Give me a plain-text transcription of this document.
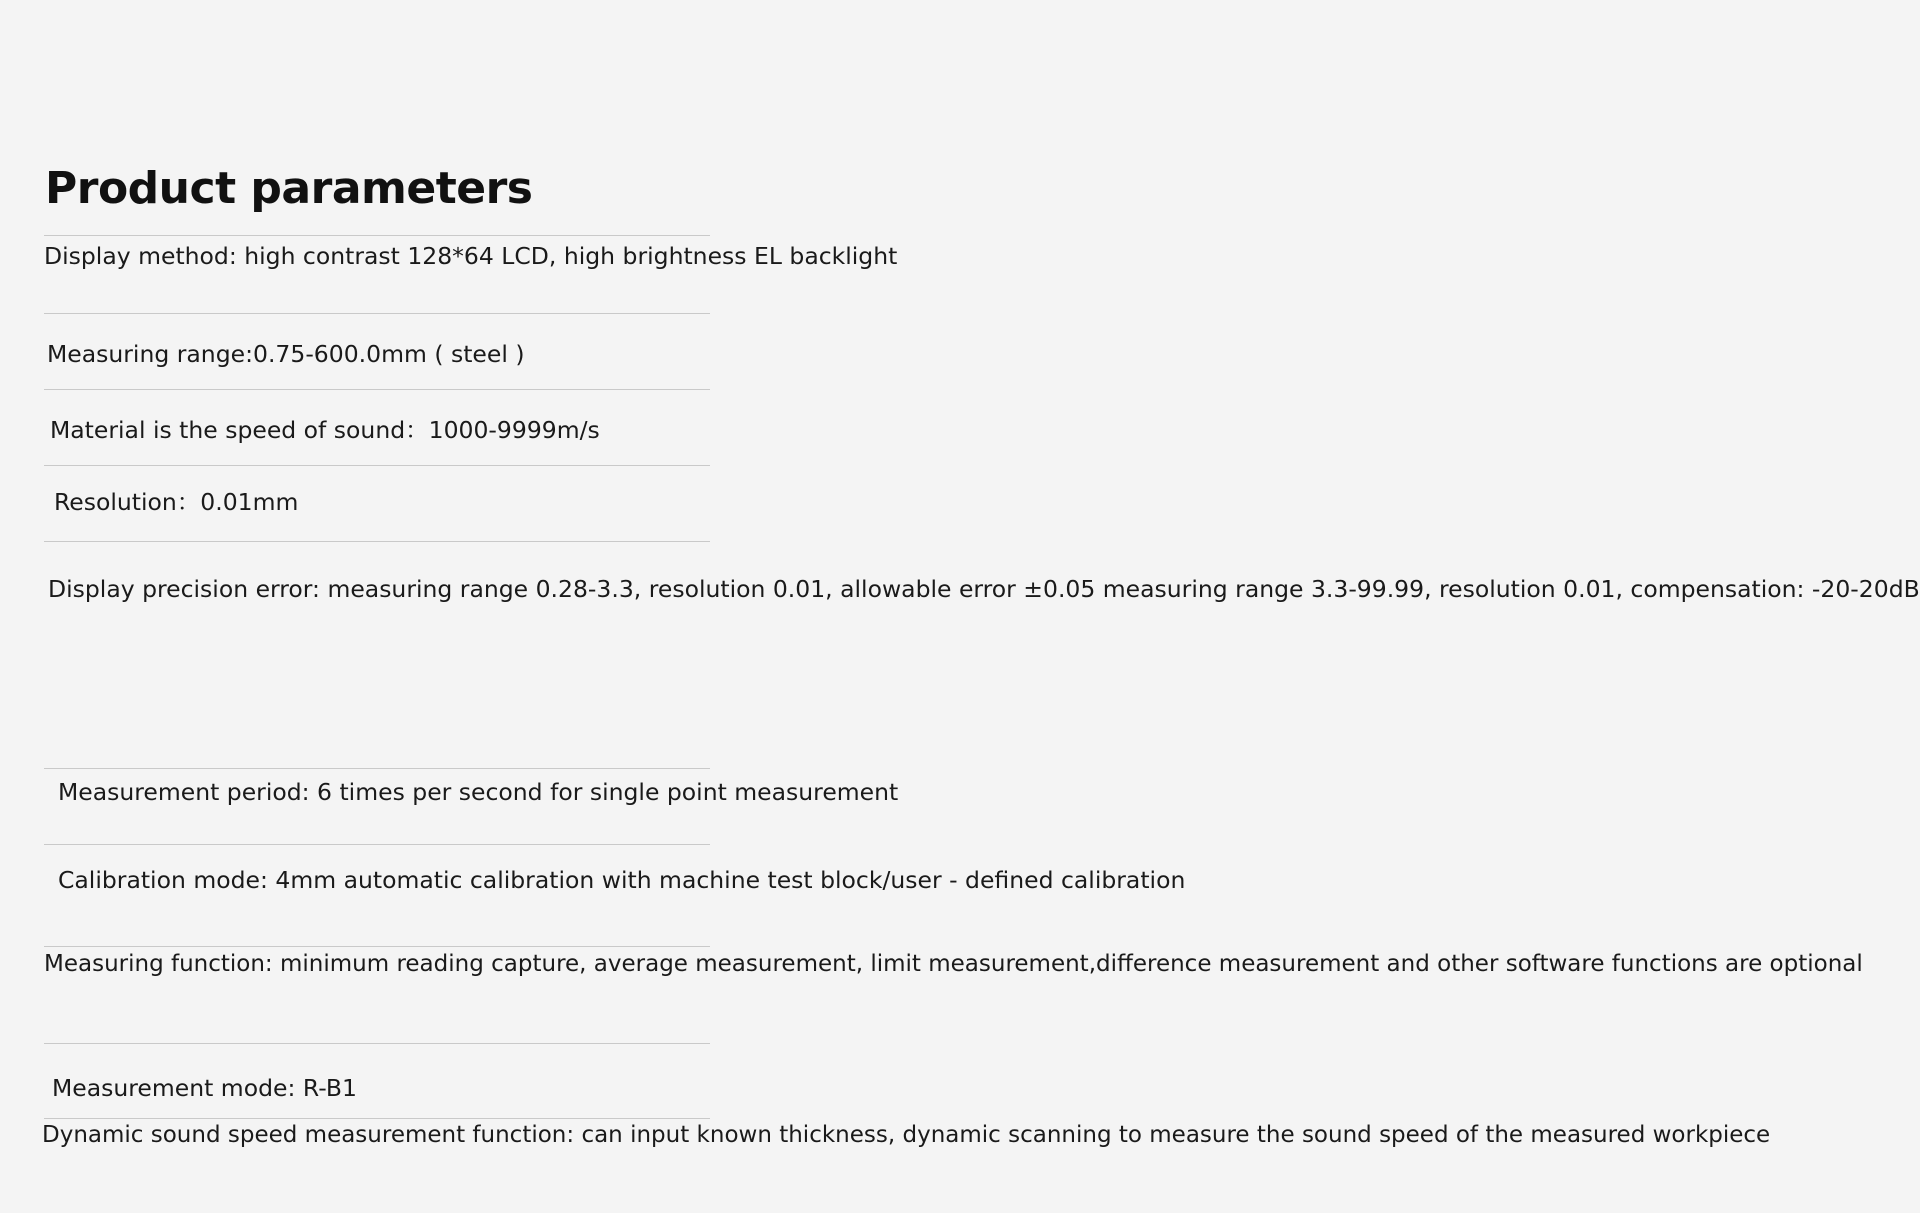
Product parameters

Display method: high contrast 128*64 LCD, high brightness EL backlight

Measuring range:0.75-600.0mm ( steel )

Material is the speed of sound：1000-9999m/s

Resolution：0.01mm

Display precision error: measuring range 0.28-3.3, resolution 0.01, allowable error ±0.05 measuring range 3.3-99.99, resolution 0.01, compensation: -20-20dB

Measurement period: 6 times per second for single point measurement

Calibration mode: 4mm automatic calibration with machine test block/user - defined calibration

Measuring function: minimum reading capture, average measurement, limit measurement,difference measurement and other software functions are optional

Measurement mode: R-B1

Dynamic sound speed measurement function: can input known thickness, dynamic scanning to measure the sound speed of the measured workpiece
